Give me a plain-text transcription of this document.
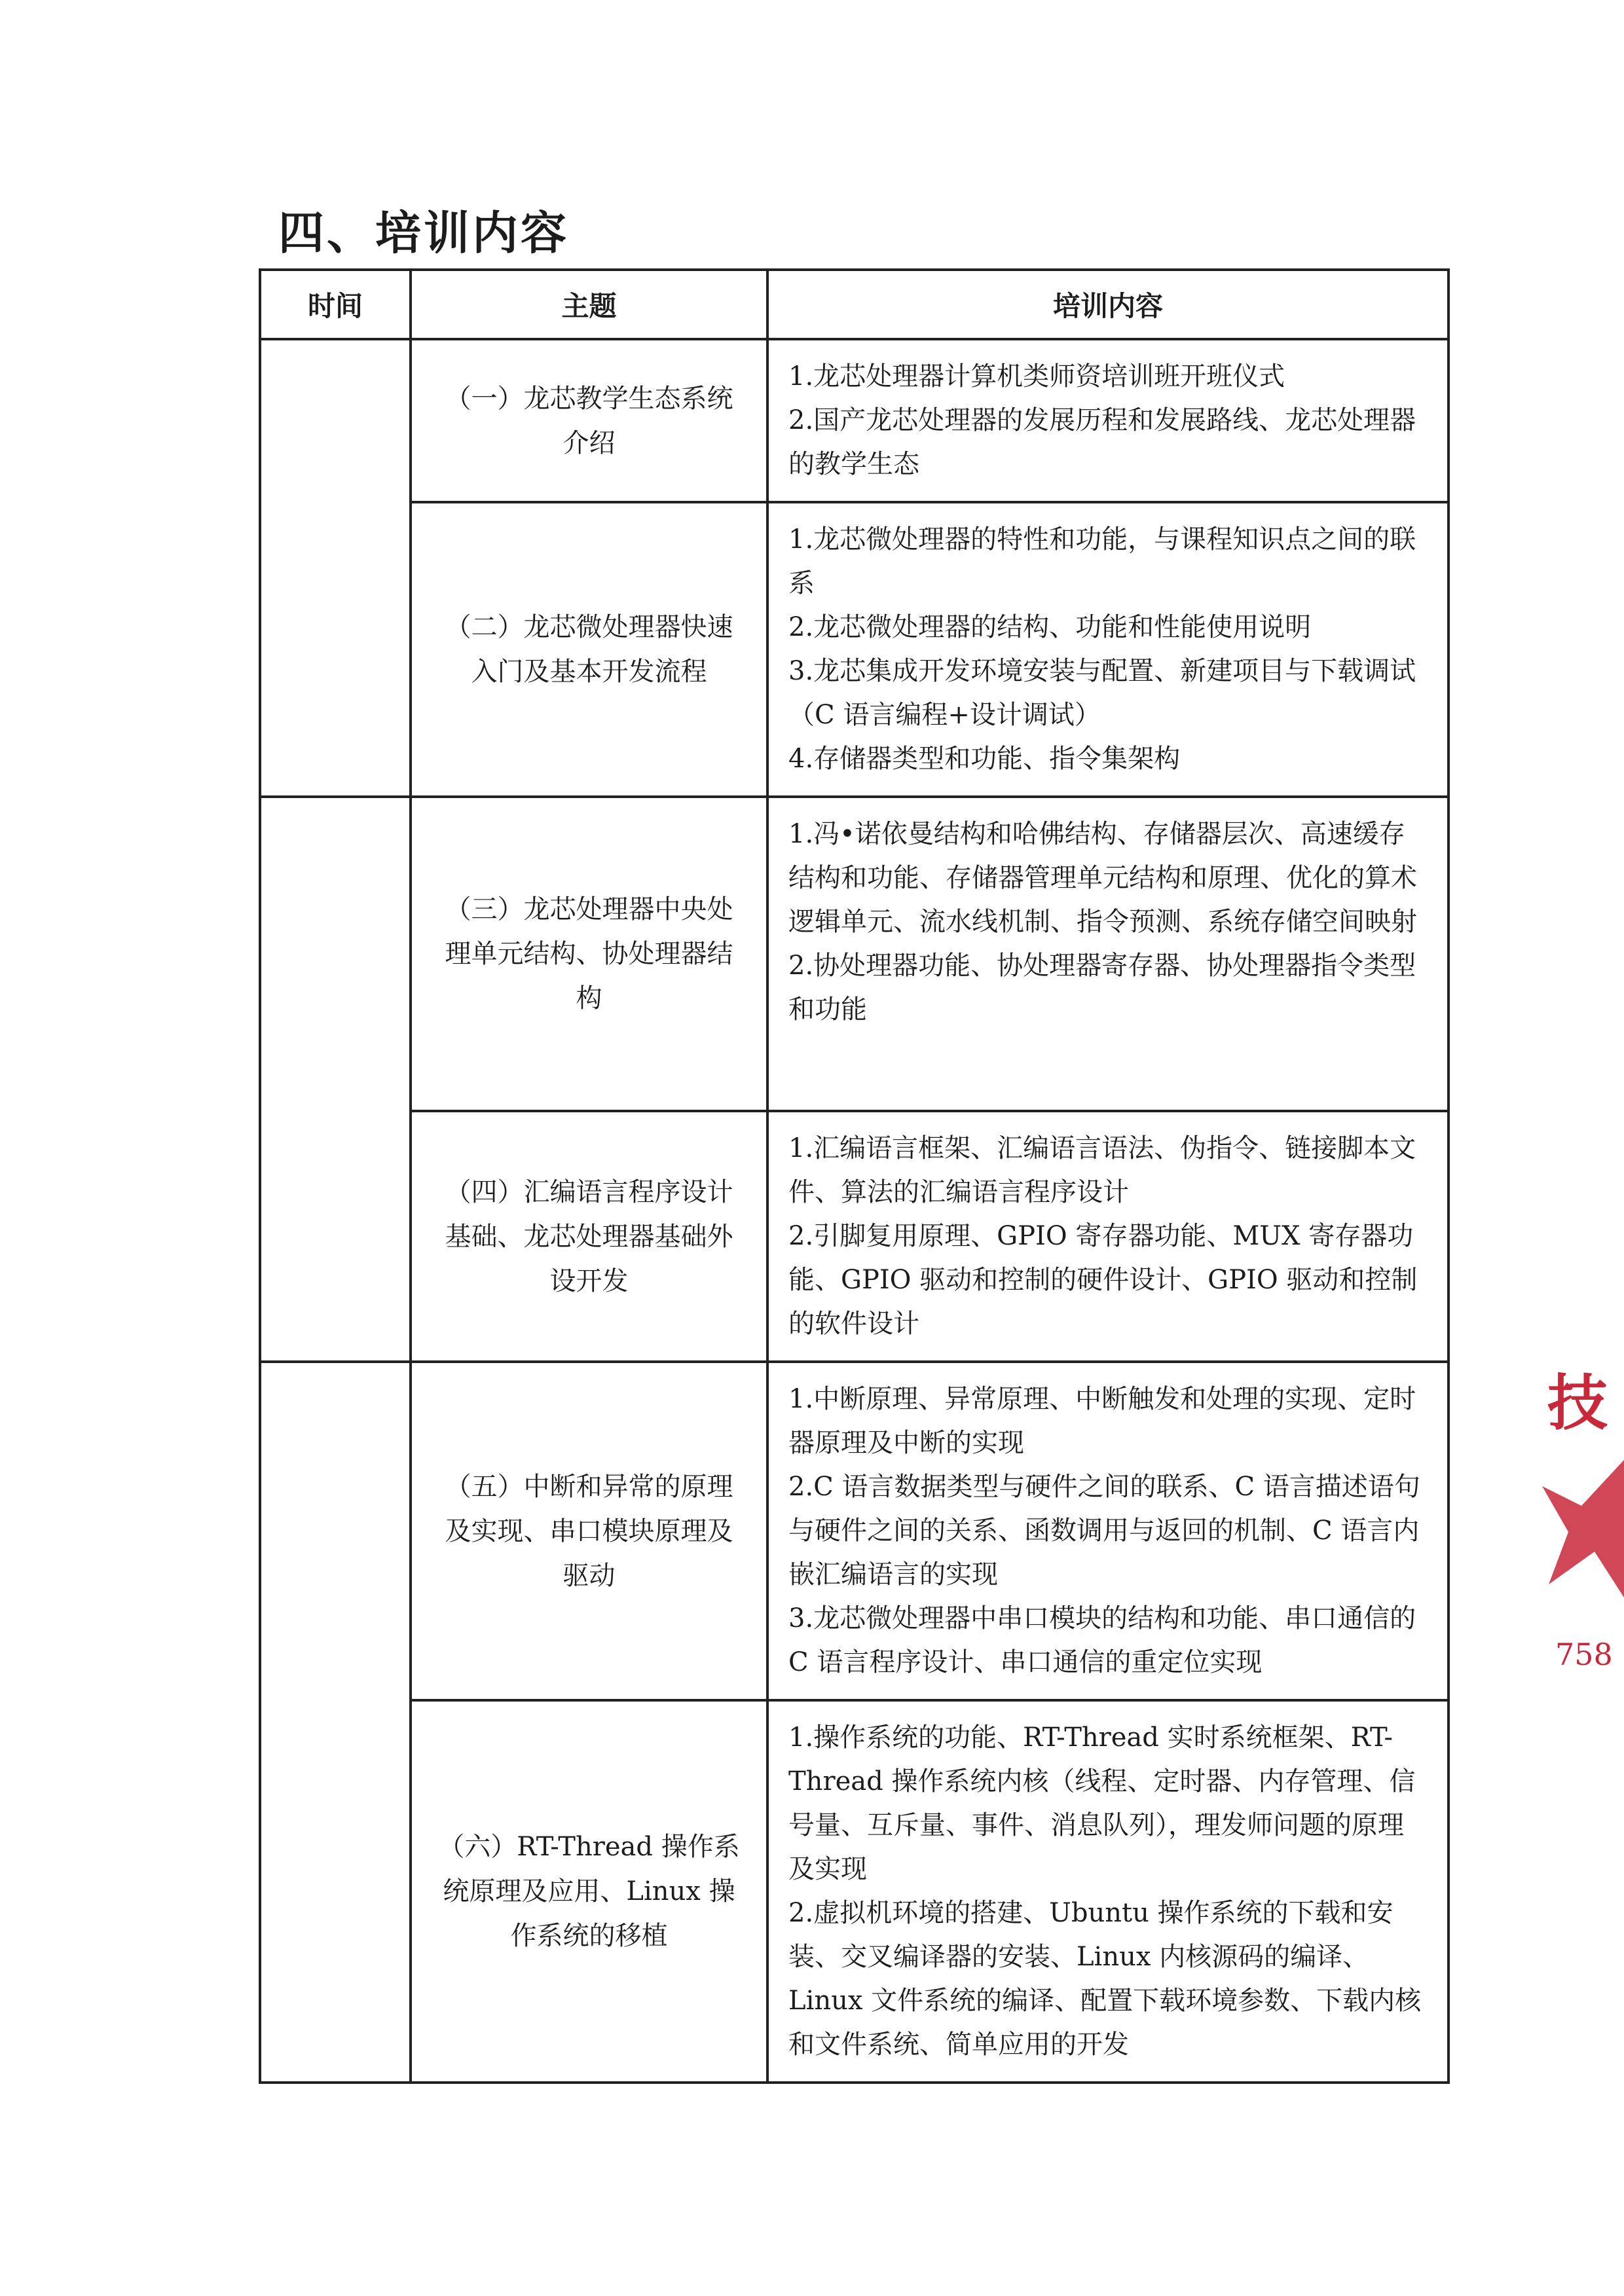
四、培训内容
时间	主题	培训内容
	（一）龙芯教学生态系统介绍	1.龙芯处理器计算机类师资培训班开班仪式
2.国产龙芯处理器的发展历程和发展路线、龙芯处理器的教学生态

	（二）龙芯微处理器快速入门及基本开发流程	1.龙芯微处理器的特性和功能，与课程知识点之间的联系
2.龙芯微处理器的结构、功能和性能使用说明
3.龙芯集成开发环境安装与配置、新建项目与下载调试（C 语言编程+设计调试）
4.存储器类型和功能、指令集架构

	（三）龙芯处理器中央处理单元结构、协处理器结构	1.冯•诺依曼结构和哈佛结构、存储器层次、高速缓存结构和功能、存储器管理单元结构和原理、优化的算术逻辑单元、流水线机制、指令预测、系统存储空间映射
2.协处理器功能、协处理器寄存器、协处理器指令类型和功能

	（四）汇编语言程序设计基础、龙芯处理器基础外设开发	1.汇编语言框架、汇编语言语法、伪指令、链接脚本文件、算法的汇编语言程序设计
2.引脚复用原理、GPIO 寄存器功能、MUX 寄存器功能、GPIO 驱动和控制的硬件设计、GPIO 驱动和控制的软件设计

	（五）中断和异常的原理及实现、串口模块原理及驱动	1.中断原理、异常原理、中断触发和处理的实现、定时器原理及中断的实现
2.C 语言数据类型与硬件之间的联系、C 语言描述语句与硬件之间的关系、函数调用与返回的机制、C 语言内嵌汇编语言的实现
3.龙芯微处理器中串口模块的结构和功能、串口通信的 C 语言程序设计、串口通信的重定位实现

	（六）RT-Thread 操作系统原理及应用、Linux 操作系统的移植	1.操作系统的功能、RT-Thread 实时系统框架、RT-Thread 操作系统内核（线程、定时器、内存管理、信号量、互斥量、事件、消息队列），理发师问题的原理及实现
2.虚拟机环境的搭建、Ubuntu 操作系统的下载和安装、交叉编译器的安装、Linux 内核源码的编译、Linux 文件系统的编译、配置下载环境参数、下载内核和文件系统、简单应用的开发
技
758
